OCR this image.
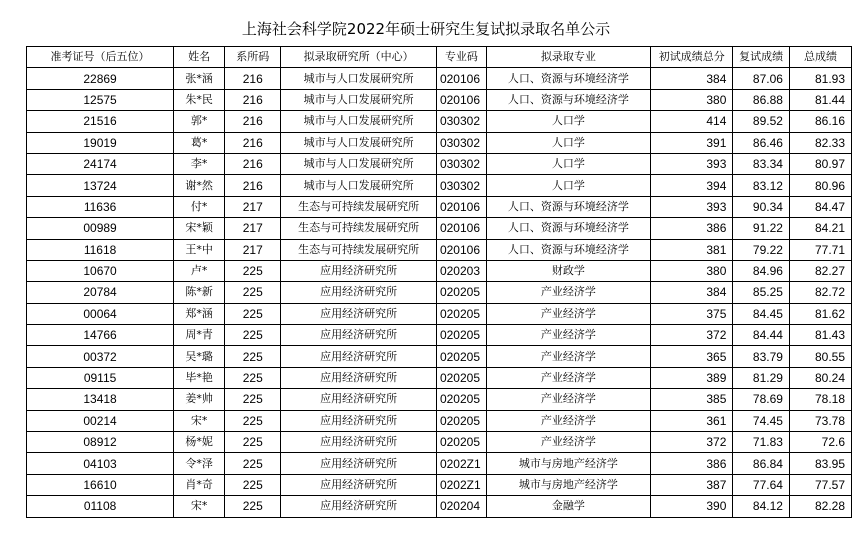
上海社会科学院2022年硕士研究生复试拟录取名单公示
准考证号（后五位）	姓名	系所码	拟录取研究所（中心）	专业码	拟录取专业	初试成绩总分	复试成绩	总成绩
22869	张*涵	216	城市与人口发展研究所	020106	人口、资源与环境经济学	384	87.06	81.93
12575	朱*民	216	城市与人口发展研究所	020106	人口、资源与环境经济学	380	86.88	81.44
21516	郭*	216	城市与人口发展研究所	030302	人口学	414	89.52	86.16
19019	葛*	216	城市与人口发展研究所	030302	人口学	391	86.46	82.33
24174	李*	216	城市与人口发展研究所	030302	人口学	393	83.34	80.97
13724	谢*然	216	城市与人口发展研究所	030302	人口学	394	83.12	80.96
11636	付*	217	生态与可持续发展研究所	020106	人口、资源与环境经济学	393	90.34	84.47
00989	宋*颖	217	生态与可持续发展研究所	020106	人口、资源与环境经济学	386	91.22	84.21
11618	王*中	217	生态与可持续发展研究所	020106	人口、资源与环境经济学	381	79.22	77.71
10670	卢*	225	应用经济研究所	020203	财政学	380	84.96	82.27
20784	陈*新	225	应用经济研究所	020205	产业经济学	384	85.25	82.72
00064	郑*涵	225	应用经济研究所	020205	产业经济学	375	84.45	81.62
14766	周*青	225	应用经济研究所	020205	产业经济学	372	84.44	81.43
00372	吴*璐	225	应用经济研究所	020205	产业经济学	365	83.79	80.55
09115	毕*艳	225	应用经济研究所	020205	产业经济学	389	81.29	80.24
13418	姜*帅	225	应用经济研究所	020205	产业经济学	385	78.69	78.18
00214	宋*	225	应用经济研究所	020205	产业经济学	361	74.45	73.78
08912	杨*妮	225	应用经济研究所	020205	产业经济学	372	71.83	72.6
04103	令*泽	225	应用经济研究所	0202Z1	城市与房地产经济学	386	86.84	83.95
16610	肖*奇	225	应用经济研究所	0202Z1	城市与房地产经济学	387	77.64	77.57
01108	宋*	225	应用经济研究所	020204	金融学	390	84.12	82.28
